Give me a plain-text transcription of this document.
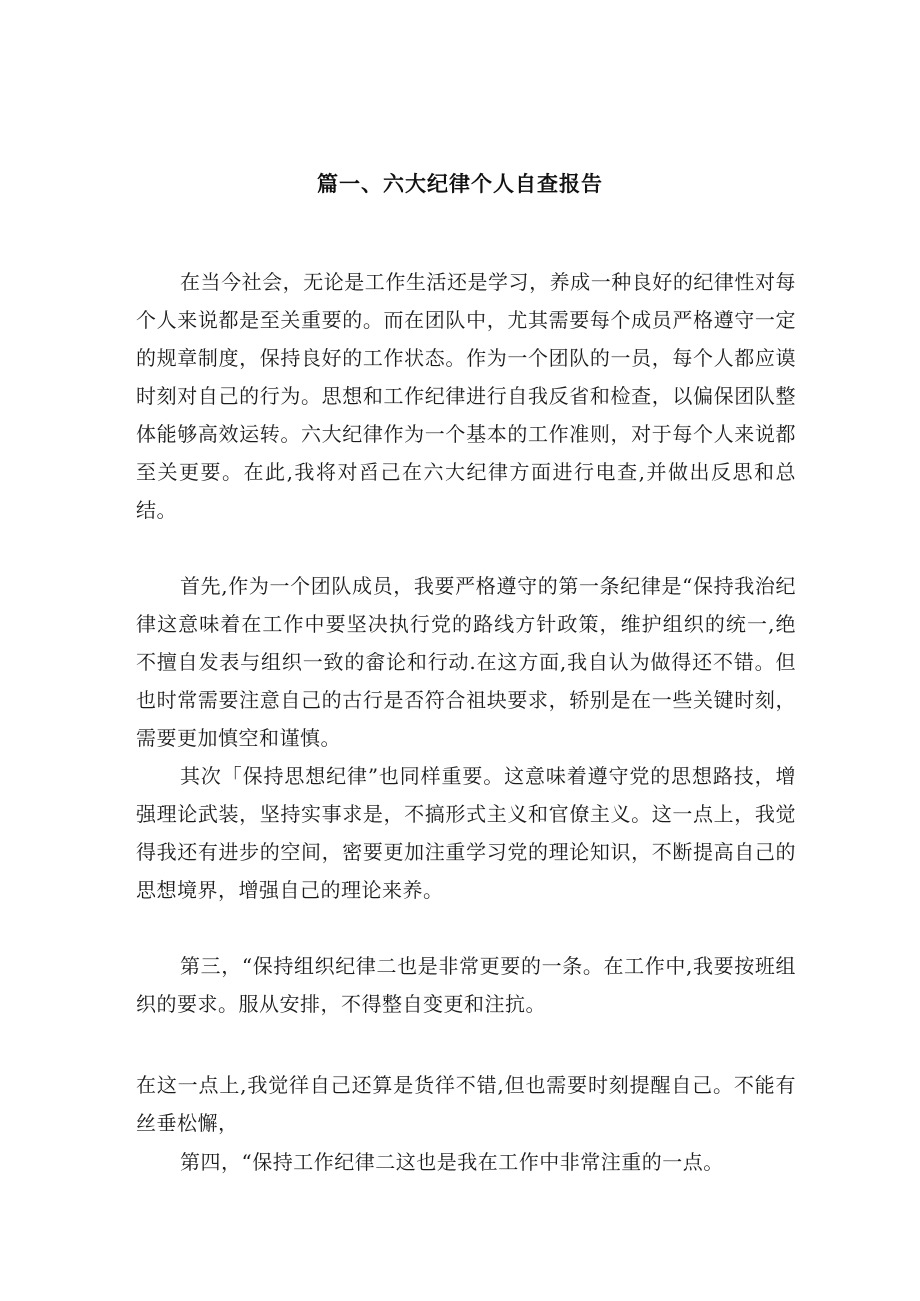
篇一、六大纪律个人自查报告

在当今社会，无论是工作生活还是学习，养成一种良好的纪律性对每个人来说都是至关重要的。而在团队中，尤其需要每个成员严格遵守一定的规章制度，保持良好的工作状态。作为一个团队的一员，每个人都应谟时刻对自己的行为。思想和工作纪律进行自我反省和检查，以偏保团队整体能够高效运转。六大纪律作为一个基本的工作准则，对于每个人来说都至关更要。在此,我将对舀己在六大纪律方面进行电查,并做出反思和总结。

首先,作为一个团队成员，我要严格遵守的第一条纪律是“保持我治纪律这意味着在工作中要坚决执行党的路线方针政策，维护组织的统一,绝不擅自发表与组织一致的畲论和行动.在这方面,我自认为做得还不错。但也时常需要注意自己的古行是否符合祖块要求，轿别是在一些关键时刻，需要更加慎空和谨慎。

其次「保持思想纪律”也同样重要。这意味着遵守党的思想路技，增强理论武装，坚持实事求是，不搞形式主义和官僚主义。这一点上，我觉得我还有进步的空间，密要更加注重学习党的理论知识，不断提高自己的思想境界，增强自己的理论来养。

第三，“保持组织纪律二也是非常更要的一条。在工作中,我要按班组织的要求。服从安排，不得整自变更和注抗。

在这一点上,我觉徉自己还算是货徉不错,但也需要时刻提醒自己。不能有丝垂松懈，

第四，“保持工作纪律二这也是我在工作中非常注重的一点。
